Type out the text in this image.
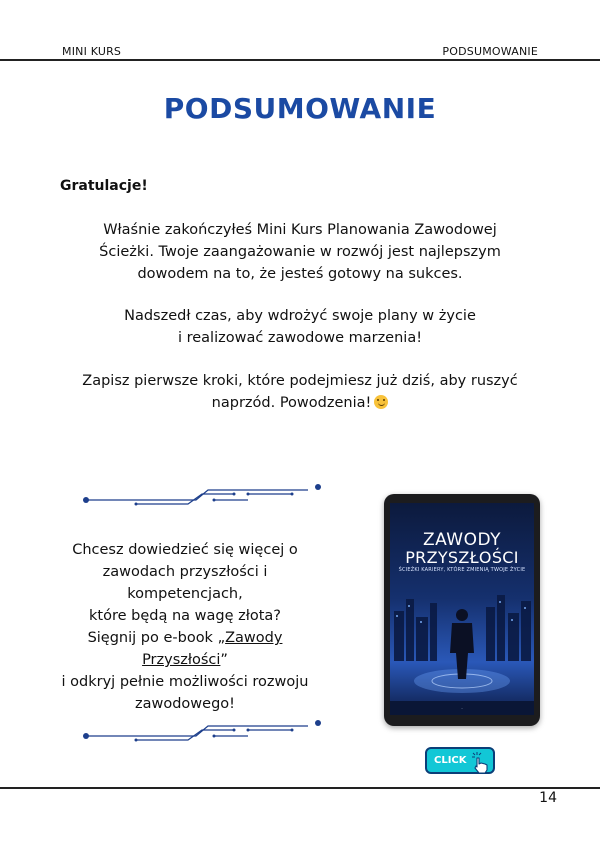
MINI KURS	PODSUMOWANIE
PODSUMOWANIE
Gratulacje!
Właśnie zakończyłeś Mini Kurs Planowania Zawodowej
Ścieżki. Twoje zaangażowanie w rozwój jest najlepszym
dowodem na to, że jesteś gotowy na sukces.
Nadszedł czas, aby wdrożyć swoje plany w życie
i realizować zawodowe marzenia!
Zapisz pierwsze kroki, które podejmiesz już dziś, aby ruszyć
naprzód. Powodzenia!
Chcesz dowiedzieć się więcej o
zawodach przyszłości i kompetencjach,
które będą na wagę złota?
Sięgnij po e-book „Zawody Przyszłości”
i odkryj pełnie możliwości rozwoju
zawodowego!
ZAWODY
PRZYSZŁOŚCI
ŚCIEŻKI KARIERY, KTÓRE ZMIENIĄ TWOJE ŻYCIE
·
CLICK
14
